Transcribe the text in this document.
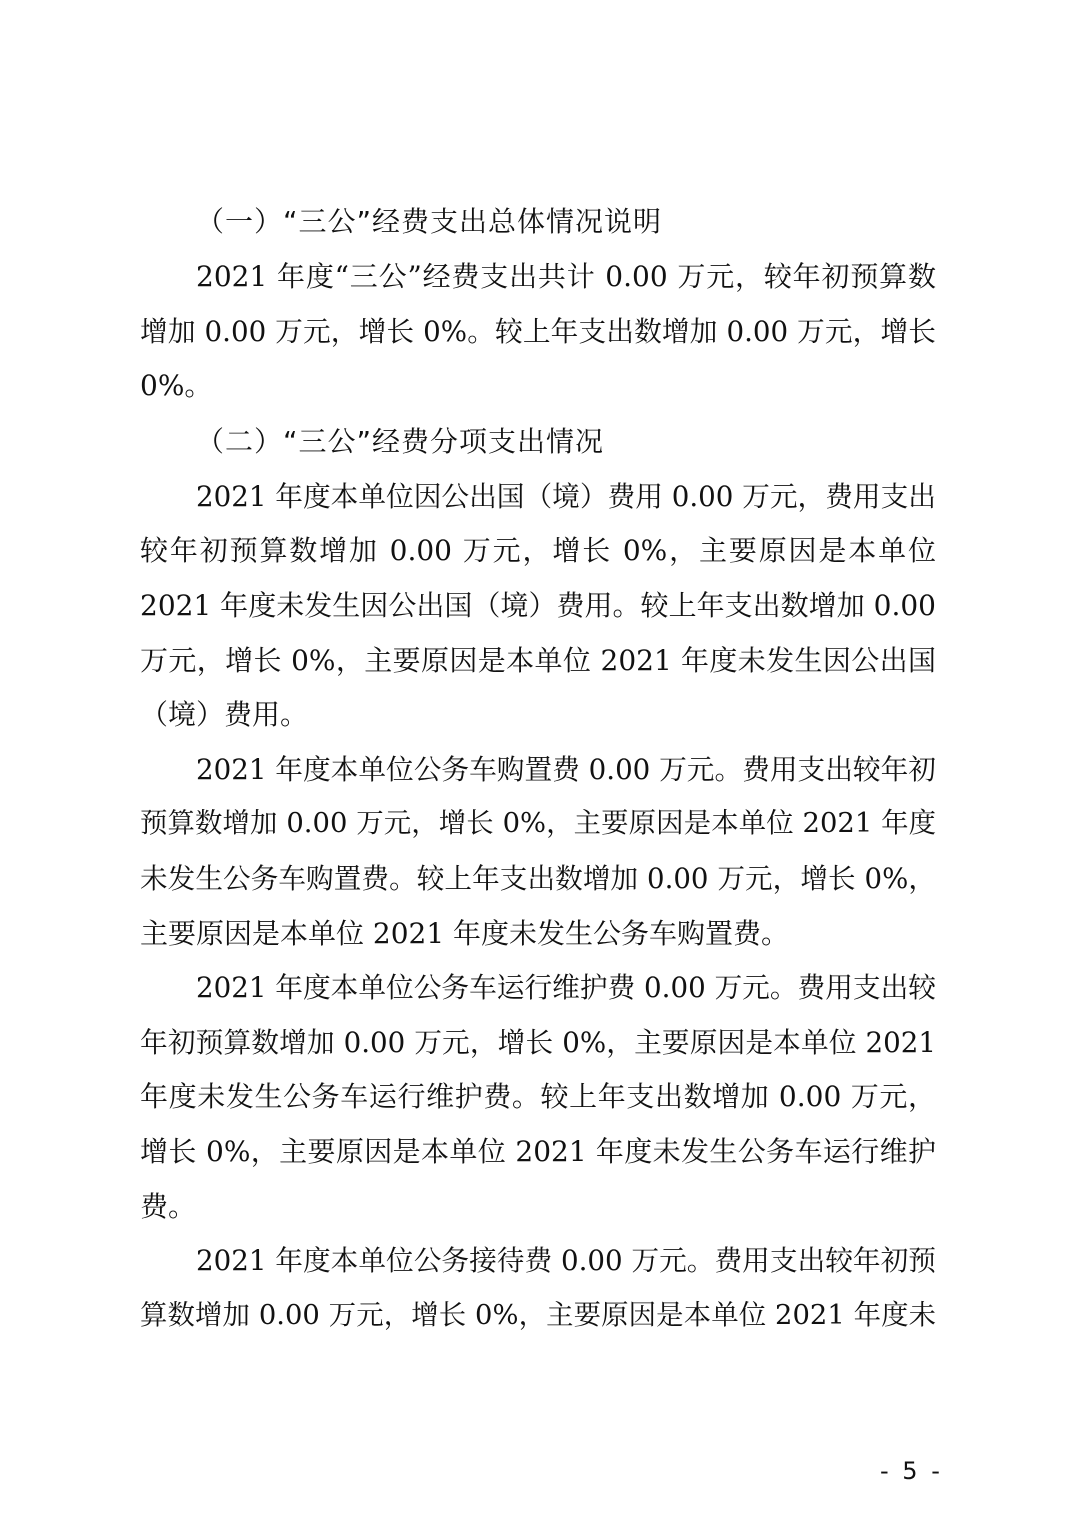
（一）“三公”经费支出总体情况说明

2021 年度“三公”经费支出共计 0.00 万元，较年初预算数
增加 0.00 万元，增长 0%。较上年支出数增加 0.00 万元，增长
0%。

（二）“三公”经费分项支出情况

2021 年度本单位因公出国（境）费用 0.00 万元，费用支出
较年初预算数增加 0.00 万元，增长 0%，主要原因是本单位
2021 年度未发生因公出国（境）费用。较上年支出数增加 0.00
万元，增长 0%，主要原因是本单位 2021 年度未发生因公出国
（境）费用。

2021 年度本单位公务车购置费 0.00 万元。费用支出较年初
预算数增加 0.00 万元，增长 0%，主要原因是本单位 2021 年度
未发生公务车购置费。较上年支出数增加 0.00 万元，增长 0%，
主要原因是本单位 2021 年度未发生公务车购置费。

2021 年度本单位公务车运行维护费 0.00 万元。费用支出较
年初预算数增加 0.00 万元，增长 0%，主要原因是本单位 2021
年度未发生公务车运行维护费。较上年支出数增加 0.00 万元，
增长 0%，主要原因是本单位 2021 年度未发生公务车运行维护
费。

2021 年度本单位公务接待费 0.00 万元。费用支出较年初预
算数增加 0.00 万元，增长 0%，主要原因是本单位 2021 年度未

- 5 -
